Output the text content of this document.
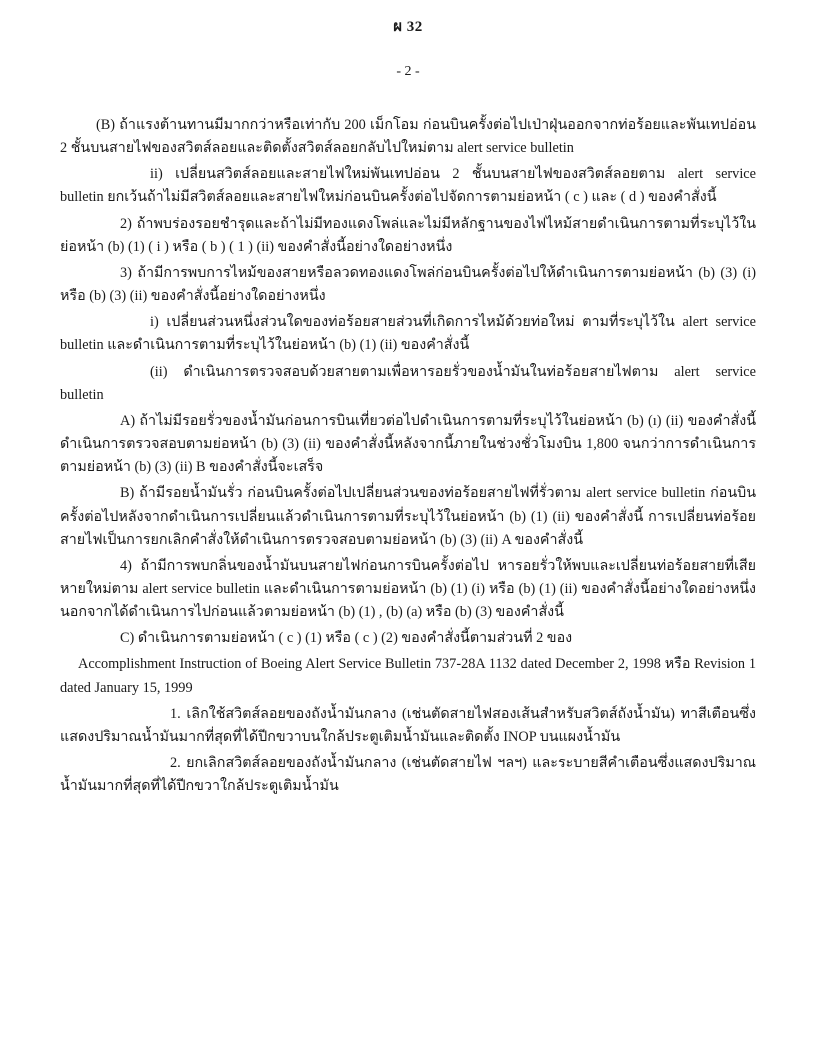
ผ 32
- 2 -

(B) ถ้าแรงต้านทานมีมากกว่าหรือเท่ากับ 200 เม็กโอม ก่อนบินครั้งต่อไปเป่าฝุ่นออกจากท่อร้อยและพันเทปอ่อน 2 ชั้นบนสายไฟของสวิตส์ลอยและติดตั้งสวิตส์ลอยกลับไปใหม่ตาม alert service bulletin

ii) เปลี่ยนสวิตส์ลอยและสายไฟใหม่พันเทปอ่อน 2 ชั้นบนสายไฟของสวิตส์ลอยตาม alert service bulletin ยกเว้นถ้าไม่มีสวิตส์ลอยและสายไฟใหม่ก่อนบินครั้งต่อไปจัดการตามย่อหน้า ( c ) และ ( d ) ของคำสั่งนี้

2) ถ้าพบร่องรอยชำรุดและถ้าไม่มีทองแดงโพล่และไม่มีหลักฐานของไฟไหม้สายดำเนินการตามที่ระบุไว้ในย่อหน้า (b) (1) ( i ) หรือ ( b ) ( 1 ) (ii) ของคำสั่งนี้อย่างใดอย่างหนึ่ง

3) ถ้ามีการพบการไหม้ของสายหรือลวดทองแดงโพล่ก่อนบินครั้งต่อไปให้ดำเนินการตามย่อหน้า (b) (3) (i) หรือ (b) (3) (ii) ของคำสั่งนี้อย่างใดอย่างหนึ่ง

i) เปลี่ยนส่วนหนึ่งส่วนใดของท่อร้อยสายส่วนที่เกิดการไหม้ด้วยท่อใหม่ ตามที่ระบุไว้ใน alert service bulletin และดำเนินการตามที่ระบุไว้ในย่อหน้า (b) (1) (ii) ของคำสั่งนี้

(ii) ดำเนินการตรวจสอบด้วยสายตามเพื่อหารอยรั่วของน้ำมันในท่อร้อยสายไฟตาม alert service bulletin

A) ถ้าไม่มีรอยรั่วของน้ำมันก่อนการบินเที่ยวต่อไปดำเนินการตามที่ระบุไว้ในย่อหน้า (b) (ı) (ii) ของคำสั่งนี้ดำเนินการตรวจสอบตามย่อหน้า (b) (3) (ii) ของคำสั่งนี้หลังจากนี้ภายในช่วงชั่วโมงบิน 1,800 จนกว่าการดำเนินการตามย่อหน้า (b) (3) (ii) B ของคำสั่งนี้จะเสร็จ

B) ถ้ามีรอยน้ำมันรั่ว ก่อนบินครั้งต่อไปเปลี่ยนส่วนของท่อร้อยสายไฟที่รั่วตาม alert service bulletin ก่อนบินครั้งต่อไปหลังจากดำเนินการเปลี่ยนแล้วดำเนินการตามที่ระบุไว้ในย่อหน้า (b) (1) (ii) ของคำสั่งนี้ การเปลี่ยนท่อร้อยสายไฟเป็นการยกเลิกคำสั่งให้ดำเนินการตรวจสอบตามย่อหน้า (b) (3) (ii) A ของคำสั่งนี้

4) ถ้ามีการพบกลิ่นของน้ำมันบนสายไฟก่อนการบินครั้งต่อไป หารอยรั่วให้พบและเปลี่ยนท่อร้อยสายที่เสียหายใหม่ตาม alert service bulletin และดำเนินการตามย่อหน้า (b) (1) (i) หรือ (b) (1) (ii) ของคำสั่งนี้อย่างใดอย่างหนึ่ง นอกจากได้ดำเนินการไปก่อนแล้วตามย่อหน้า (b) (1) , (b) (a) หรือ (b) (3) ของคำสั่งนี้

C) ดำเนินการตามย่อหน้า ( c ) (1) หรือ ( c ) (2) ของคำสั่งนี้ตามส่วนที่ 2 ของ

Accomplishment Instruction of Boeing Alert Service Bulletin 737-28A 1132 dated December 2, 1998 หรือ Revision 1 dated January 15, 1999

1. เลิกใช้สวิตส์ลอยของถังน้ำมันกลาง (เช่นตัดสายไฟสองเส้นสำหรับสวิตส์ถังน้ำมัน) ทาสีเตือนซึ่งแสดงปริมาณน้ำมันมากที่สุดที่ได้ปีกขวาบนใกล้ประตูเติมน้ำมันและติดตั้ง INOP บนแผงน้ำมัน

2. ยกเลิกสวิตส์ลอยของถังน้ำมันกลาง (เช่นตัดสายไฟ ฯลฯ) และระบายสีคำเตือนซึ่งแสดงปริมาณน้ำมันมากที่สุดที่ได้ปีกขวาใกล้ประตูเติมน้ำมัน
